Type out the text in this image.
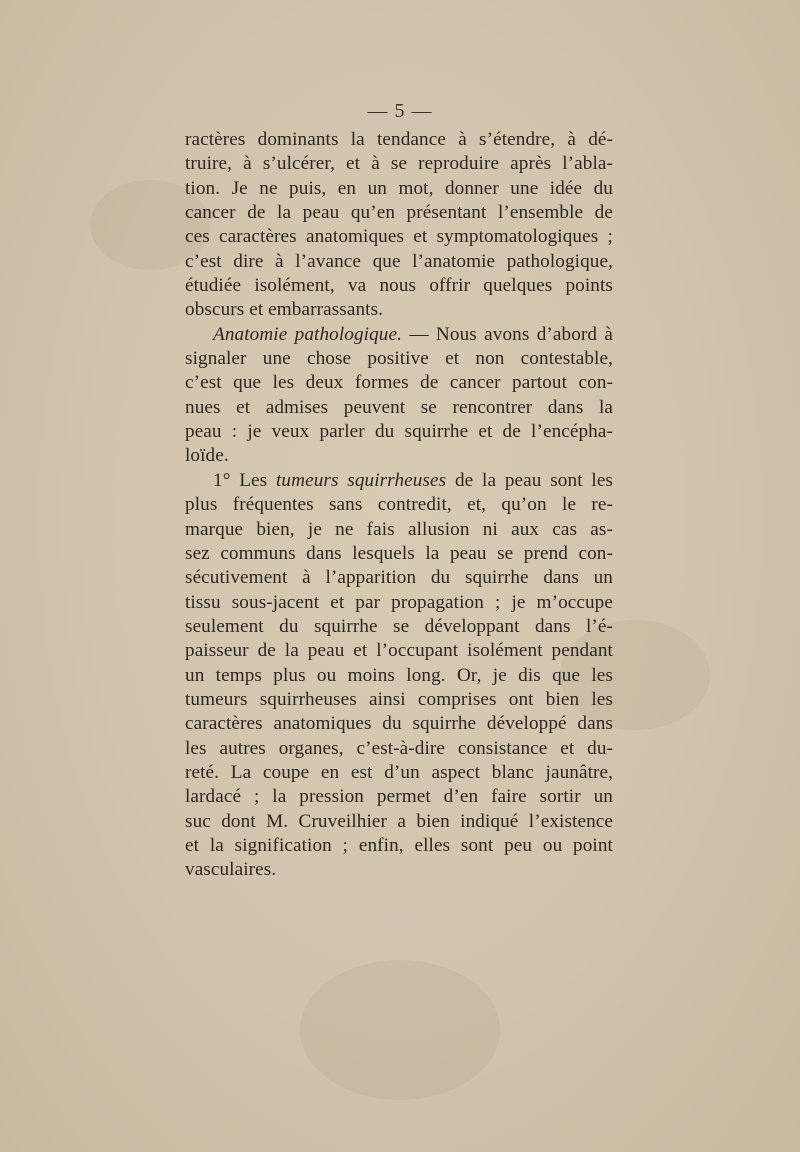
— 5 —
ractères dominants la tendance à s’étendre, à dé-
truire, à s’ulcérer, et à se reproduire après l’abla-
tion. Je ne puis, en un mot, donner une idée du
cancer de la peau qu’en présentant l’ensemble de
ces caractères anatomiques et symptomatologiques ;
c’est dire à l’avance que l’anatomie pathologique,
étudiée isolément, va nous offrir quelques points
obscurs et embarrassants.
Anatomie pathologique. — Nous avons d’abord à
signaler une chose positive et non contestable,
c’est que les deux formes de cancer partout con-
nues et admises peuvent se rencontrer dans la
peau : je veux parler du squirrhe et de l’encépha-
loïde.
1° Les tumeurs squirrheuses de la peau sont les
plus fréquentes sans contredit, et, qu’on le re-
marque bien, je ne fais allusion ni aux cas as-
sez communs dans lesquels la peau se prend con-
sécutivement à l’apparition du squirrhe dans un
tissu sous-jacent et par propagation ; je m’occupe
seulement du squirrhe se développant dans l’é-
paisseur de la peau et l’occupant isolément pendant
un temps plus ou moins long. Or, je dis que les
tumeurs squirrheuses ainsi comprises ont bien les
caractères anatomiques du squirrhe développé dans
les autres organes, c’est-à-dire consistance et du-
reté. La coupe en est d’un aspect blanc jaunâtre,
lardacé ; la pression permet d’en faire sortir un
suc dont M. Cruveilhier a bien indiqué l’existence
et la signification ; enfin, elles sont peu ou point
vasculaires.
